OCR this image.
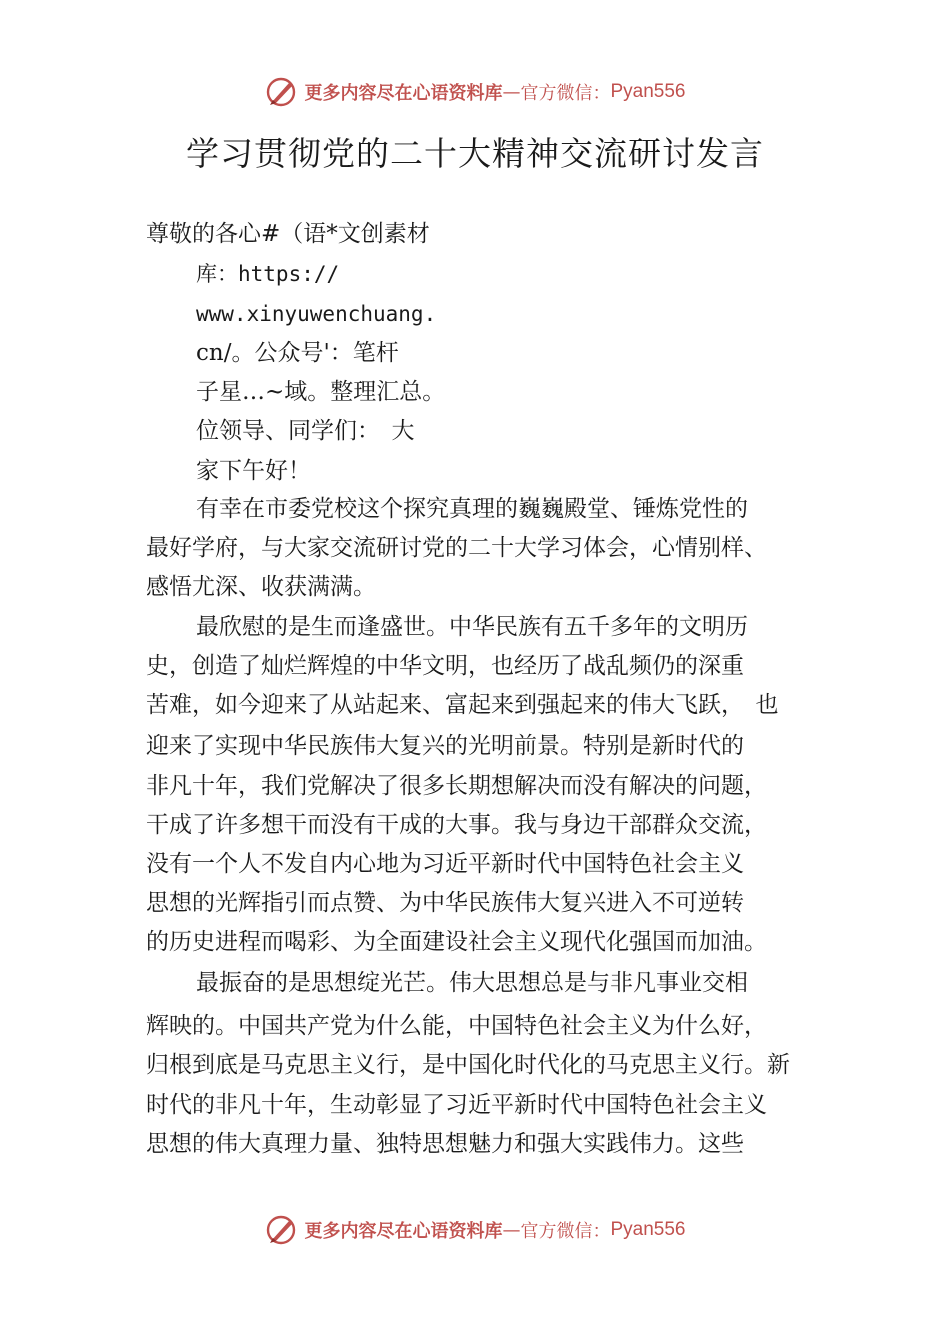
更多内容尽在心语资料库 — 官方微信： Pyan556
学习贯彻党的二十大精神交流研讨发言
尊敬的各心#（语*文创素材
库：https://
www.xinyuwenchuang.
cn/。公众号'：笔杆
子星…~域。整理汇总。
位领导、同学们：　大
家下午好！
有幸在市委党校这个探究真理的巍巍殿堂、锤炼党性的
最好学府，与大家交流研讨党的二十大学习体会，心情别样、
感悟尤深、收获满满。
最欣慰的是生而逢盛世。中华民族有五千多年的文明历
史，创造了灿烂辉煌的中华文明，也经历了战乱频仍的深重
苦难，如今迎来了从站起来、富起来到强起来的伟大飞跃，　也
迎来了实现中华民族伟大复兴的光明前景。特别是新时代的
非凡十年，我们党解决了很多长期想解决而没有解决的问题，
干成了许多想干而没有干成的大事。我与身边干部群众交流，
没有一个人不发自内心地为习近平新时代中国特色社会主义
思想的光辉指引而点赞、为中华民族伟大复兴进入不可逆转
的历史进程而喝彩、为全面建设社会主义现代化强国而加油。
最振奋的是思想绽光芒。伟大思想总是与非凡事业交相
辉映的。中国共产党为什么能，中国特色社会主义为什么好，
归根到底是马克思主义行，是中国化时代化的马克思主义行。新
时代的非凡十年，生动彰显了习近平新时代中国特色社会主义
思想的伟大真理力量、独特思想魅力和强大实践伟力。这些
更多内容尽在心语资料库 — 官方微信： Pyan556
